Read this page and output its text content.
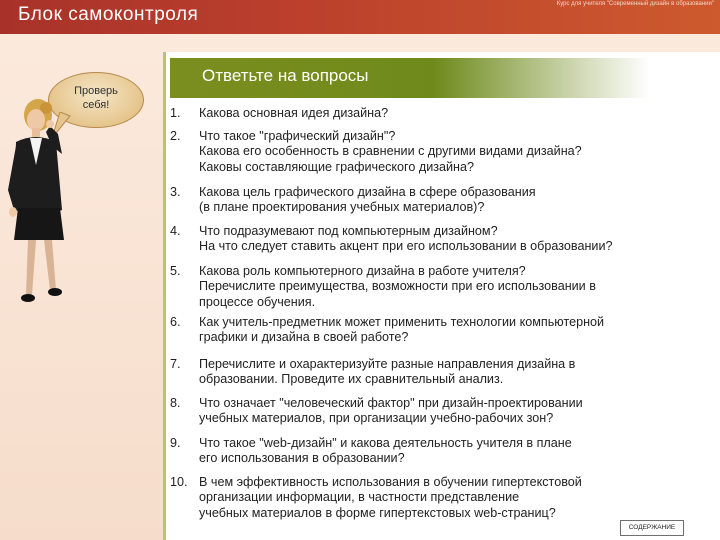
Блок самоконтроля	Курс для учителя "Современный дизайн в образовании"
Проверь
себя!
Ответьте на вопросы
1.	Какова основная идея дизайна?
2.	Что такое "графический дизайн"?
Какова его особенность в сравнении с другими видами дизайна?
Каковы составляющие графического дизайна?
3.	Какова цель графического дизайна в сфере образования
(в плане проектирования учебных материалов)?
4.	Что подразумевают под компьютерным дизайном?
На что следует ставить акцент при его использовании в образовании?
5.	Какова роль компьютерного дизайна в работе учителя?
Перечислите преимущества, возможности при его использовании в
процессе обучения.
6.	Как учитель-предметник может применить технологии компьютерной
графики и дизайна в своей работе?
7.	Перечислите и охарактеризуйте разные направления дизайна в
образовании. Проведите их сравнительный анализ.
8.	Что означает "человеческий фактор" при дизайн-проектировании
учебных материалов, при организации учебно-рабочих зон?
9.	Что такое "web-дизайн" и какова деятельность учителя в плане
его использования в образовании?
10. В чем эффективность использования в обучении гипертекстовой
организации информации, в частности представление
учебных материалов в форме гипертекстовых web-страниц?
СОДЕРЖАНИЕ
